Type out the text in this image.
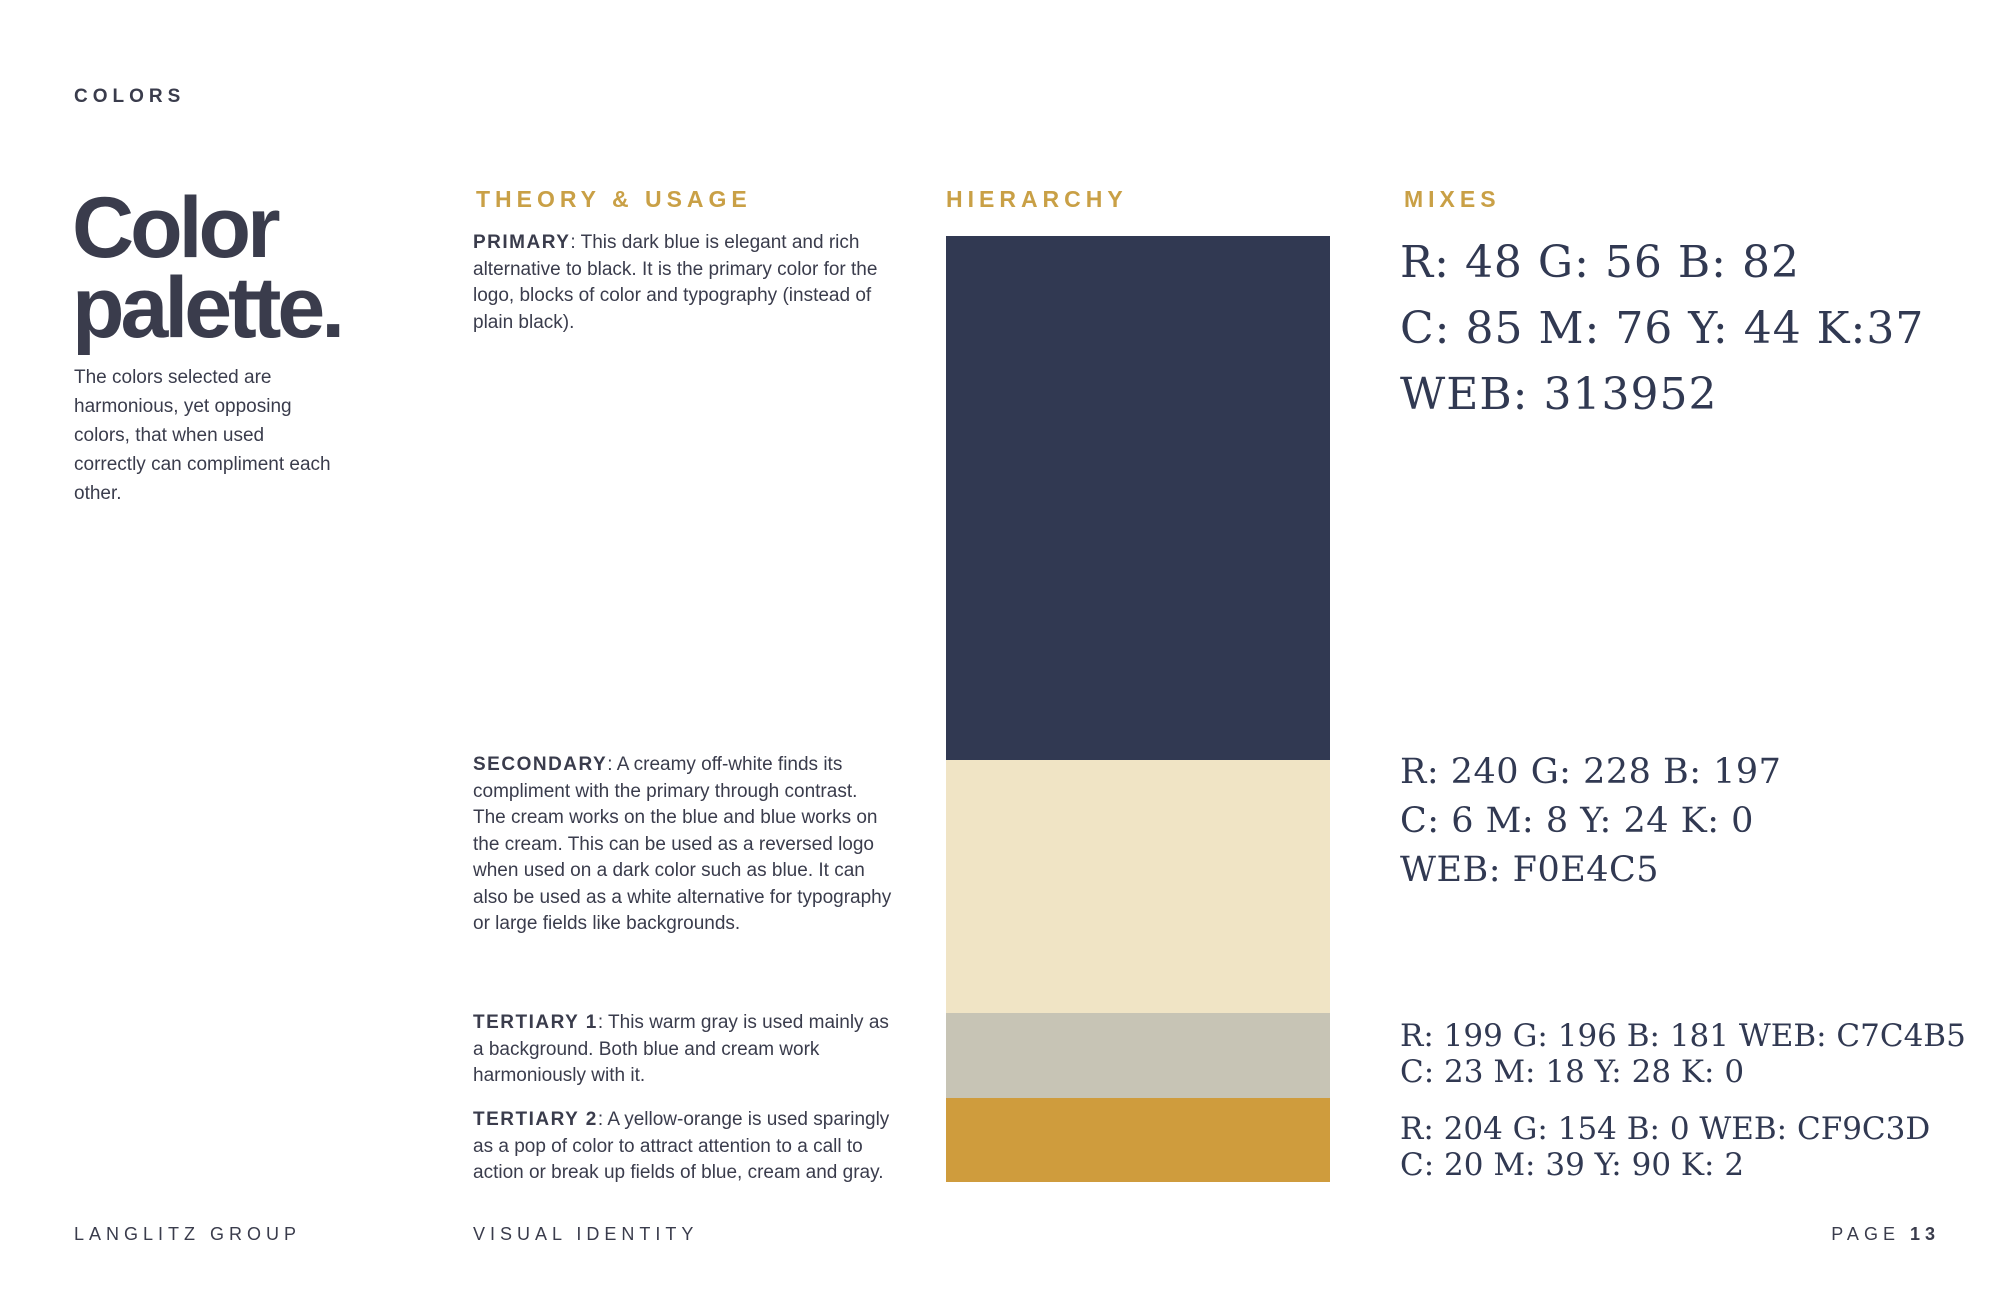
COLORS
Color
palette.
The colors selected are harmonious, yet opposing colors, that when used correctly can compliment each other.
THEORY & USAGE	HIERARCHY	MIXES
PRIMARY: This dark blue is elegant and rich alternative to black. It is the primary color for the logo, blocks of color and typography (instead of plain black).
SECONDARY: A creamy off-white finds its compliment with the primary through contrast. The cream works on the blue and blue works on the cream. This can be used as a reversed logo when used on a dark color such as blue. It can also be used as a white alternative for typography or large fields like backgrounds.
TERTIARY 1: This warm gray is used mainly as a background. Both blue and cream work harmoniously with it.
TERTIARY 2: A yellow-orange is used sparingly as a pop of color to attract attention to a call to action or break up fields of blue, cream and gray.
R: 48 G: 56 B: 82
C: 85 M: 76 Y: 44 K:37
WEB: 313952
R: 240 G: 228 B: 197
C: 6 M: 8 Y: 24 K: 0
WEB: F0E4C5
R: 199 G: 196 B: 181 WEB: C7C4B5
C: 23 M: 18 Y: 28 K: 0
R: 204 G: 154 B: 0 WEB: CF9C3D
C: 20 M: 39 Y: 90 K: 2
LANGLITZ GROUP	VISUAL IDENTITY	PAGE 13
